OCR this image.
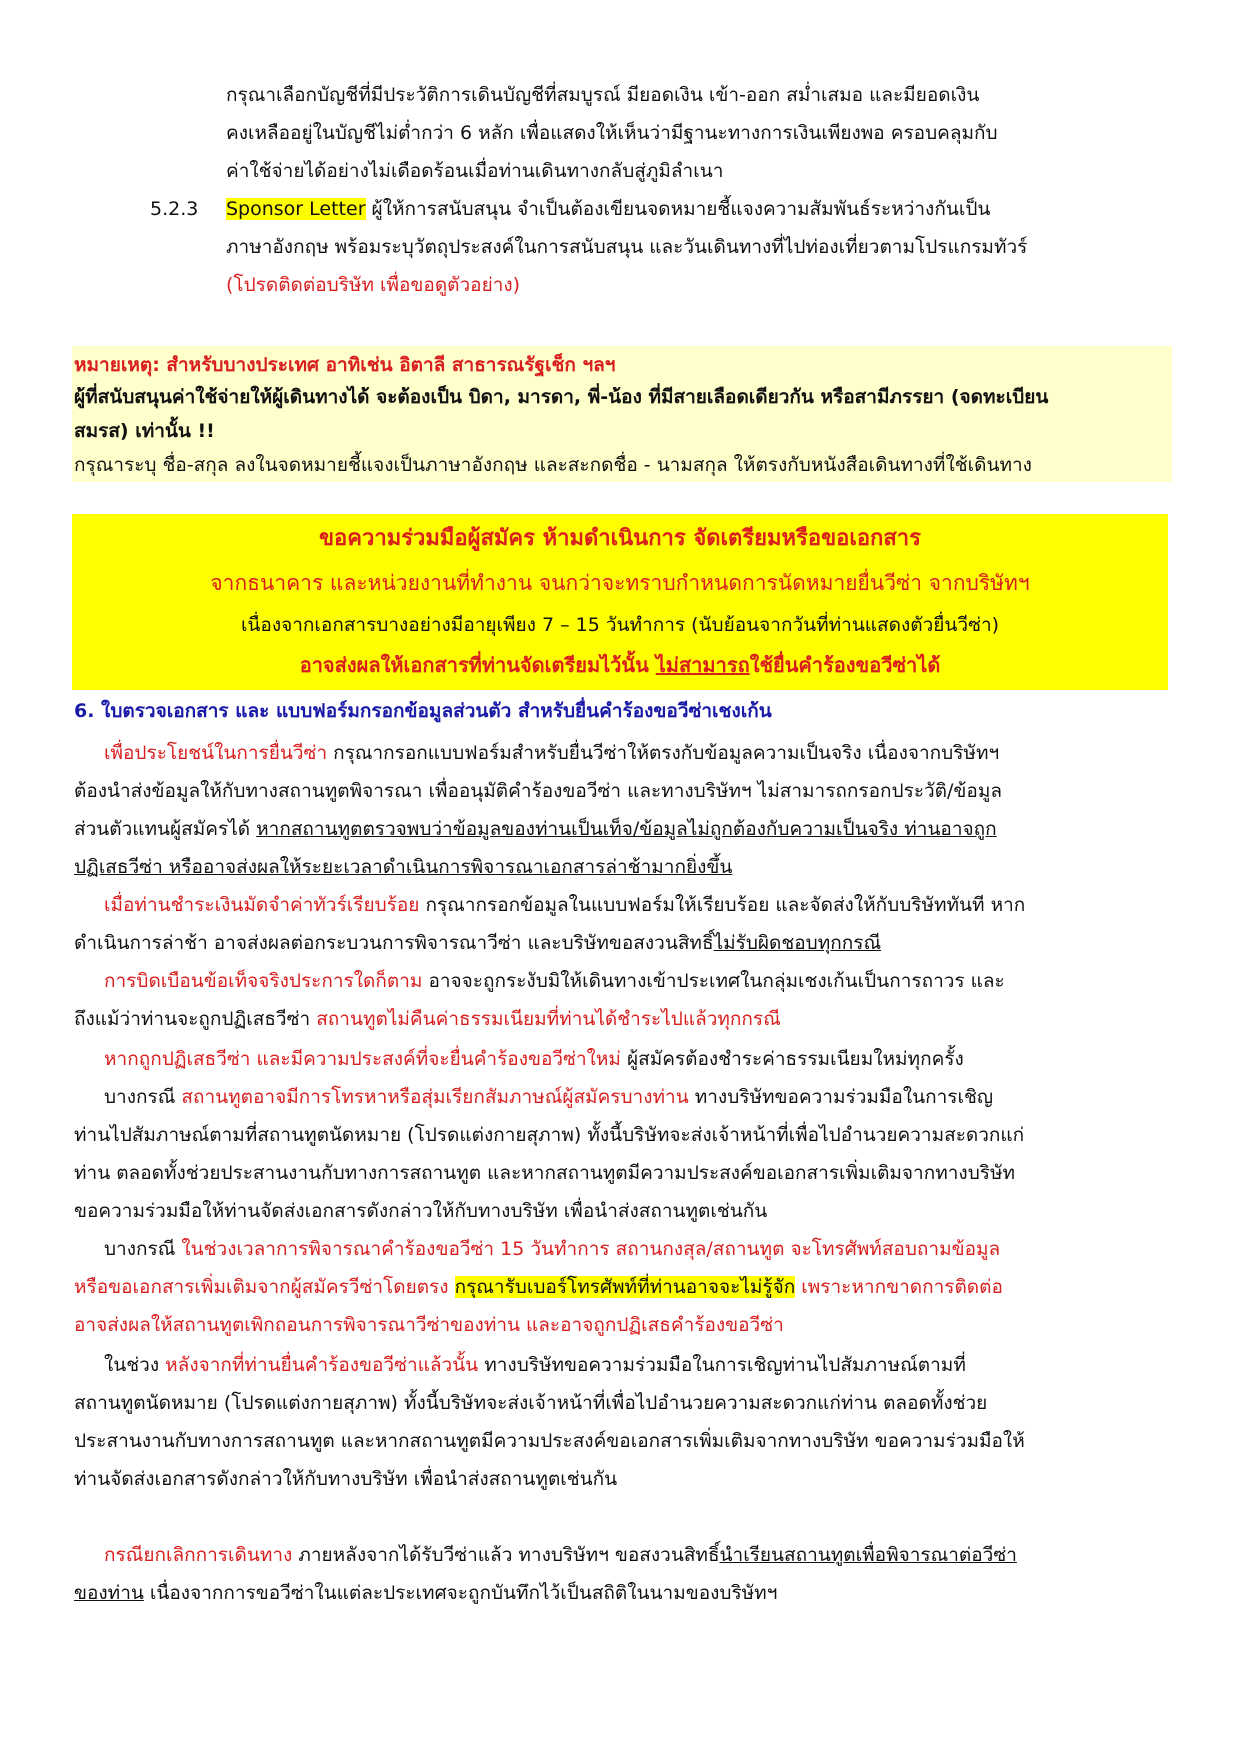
กรุณาเลือกบัญชีที่มีประวัติการเดินบัญชีที่สมบูรณ์ มียอดเงิน เข้า-ออก สม่ำเสมอ และมียอดเงิน
คงเหลืออยู่ในบัญชีไม่ต่ำกว่า 6 หลัก เพื่อแสดงให้เห็นว่ามีฐานะทางการเงินเพียงพอ ครอบคลุมกับ
ค่าใช้จ่ายได้อย่างไม่เดือดร้อนเมื่อท่านเดินทางกลับสู่ภูมิลำเนา
5.2.3 Sponsor Letter ผู้ให้การสนับสนุน จำเป็นต้องเขียนจดหมายชี้แจงความสัมพันธ์ระหว่างกันเป็น
ภาษาอังกฤษ พร้อมระบุวัตถุประสงค์ในการสนับสนุน และวันเดินทางที่ไปท่องเที่ยวตามโปรแกรมทัวร์
(โปรดติดต่อบริษัท เพื่อขอดูตัวอย่าง)
หมายเหตุ: สำหรับบางประเทศ อาทิเช่น อิตาลี สาธารณรัฐเช็ก ฯลฯ
ผู้ที่สนับสนุนค่าใช้จ่ายให้ผู้เดินทางได้ จะต้องเป็น บิดา, มารดา, พี่-น้อง ที่มีสายเลือดเดียวกัน หรือสามีภรรยา (จดทะเบียน
สมรส) เท่านั้น !!
กรุณาระบุ ชื่อ-สกุล ลงในจดหมายชี้แจงเป็นภาษาอังกฤษ และสะกดชื่อ - นามสกุล ให้ตรงกับหนังสือเดินทางที่ใช้เดินทาง
ขอความร่วมมือผู้สมัคร ห้ามดำเนินการ จัดเตรียมหรือขอเอกสาร
จากธนาคาร และหน่วยงานที่ทำงาน จนกว่าจะทราบกำหนดการนัดหมายยื่นวีซ่า จากบริษัทฯ
เนื่องจากเอกสารบางอย่างมีอายุเพียง 7 – 15 วันทำการ (นับย้อนจากวันที่ท่านแสดงตัวยื่นวีซ่า)
อาจส่งผลให้เอกสารที่ท่านจัดเตรียมไว้นั้น ไม่สามารถใช้ยื่นคำร้องขอวีซ่าได้
6. ใบตรวจเอกสาร และ แบบฟอร์มกรอกข้อมูลส่วนตัว สำหรับยื่นคำร้องขอวีซ่าเชงเก้น
เพื่อประโยชน์ในการยื่นวีซ่า กรุณากรอกแบบฟอร์มสำหรับยื่นวีซ่าให้ตรงกับข้อมูลความเป็นจริง เนื่องจากบริษัทฯ
ต้องนำส่งข้อมูลให้กับทางสถานทูตพิจารณา เพื่ออนุมัติคำร้องขอวีซ่า และทางบริษัทฯ ไม่สามารถกรอกประวัติ/ข้อมูล
ส่วนตัวแทนผู้สมัครได้ หากสถานทูตตรวจพบว่าข้อมูลของท่านเป็นเท็จ/ข้อมูลไม่ถูกต้องกับความเป็นจริง ท่านอาจถูก
ปฏิเสธวีซ่า หรืออาจส่งผลให้ระยะเวลาดำเนินการพิจารณาเอกสารล่าช้ามากยิ่งขึ้น
เมื่อท่านชำระเงินมัดจำค่าทัวร์เรียบร้อย กรุณากรอกข้อมูลในแบบฟอร์มให้เรียบร้อย และจัดส่งให้กับบริษัททันที หาก
ดำเนินการล่าช้า อาจส่งผลต่อกระบวนการพิจารณาวีซ่า และบริษัทขอสงวนสิทธิ์ไม่รับผิดชอบทุกกรณี
การบิดเบือนข้อเท็จจริงประการใดก็ตาม อาจจะถูกระงับมิให้เดินทางเข้าประเทศในกลุ่มเชงเก้นเป็นการถาวร และ
ถึงแม้ว่าท่านจะถูกปฏิเสธวีซ่า สถานทูตไม่คืนค่าธรรมเนียมที่ท่านได้ชำระไปแล้วทุกกรณี
หากถูกปฏิเสธวีซ่า และมีความประสงค์ที่จะยื่นคำร้องขอวีซ่าใหม่ ผู้สมัครต้องชำระค่าธรรมเนียมใหม่ทุกครั้ง
บางกรณี สถานทูตอาจมีการโทรหาหรือสุ่มเรียกสัมภาษณ์ผู้สมัครบางท่าน ทางบริษัทขอความร่วมมือในการเชิญ
ท่านไปสัมภาษณ์ตามที่สถานทูตนัดหมาย (โปรดแต่งกายสุภาพ) ทั้งนี้บริษัทจะส่งเจ้าหน้าที่เพื่อไปอำนวยความสะดวกแก่
ท่าน ตลอดทั้งช่วยประสานงานกับทางการสถานทูต และหากสถานทูตมีความประสงค์ขอเอกสารเพิ่มเติมจากทางบริษัท
ขอความร่วมมือให้ท่านจัดส่งเอกสารดังกล่าวให้กับทางบริษัท เพื่อนำส่งสถานทูตเช่นกัน
บางกรณี ในช่วงเวลาการพิจารณาคำร้องขอวีซ่า 15 วันทำการ สถานกงสุล/สถานทูต จะโทรศัพท์สอบถามข้อมูล
หรือขอเอกสารเพิ่มเติมจากผู้สมัครวีซ่าโดยตรง กรุณารับเบอร์โทรศัพท์ที่ท่านอาจจะไม่รู้จัก เพราะหากขาดการติดต่อ
อาจส่งผลให้สถานทูตเพิกถอนการพิจารณาวีซ่าของท่าน และอาจถูกปฏิเสธคำร้องขอวีซ่า
ในช่วง หลังจากที่ท่านยื่นคำร้องขอวีซ่าแล้วนั้น ทางบริษัทขอความร่วมมือในการเชิญท่านไปสัมภาษณ์ตามที่
สถานทูตนัดหมาย (โปรดแต่งกายสุภาพ) ทั้งนี้บริษัทจะส่งเจ้าหน้าที่เพื่อไปอำนวยความสะดวกแก่ท่าน ตลอดทั้งช่วย
ประสานงานกับทางการสถานทูต และหากสถานทูตมีความประสงค์ขอเอกสารเพิ่มเติมจากทางบริษัท ขอความร่วมมือให้
ท่านจัดส่งเอกสารดังกล่าวให้กับทางบริษัท เพื่อนำส่งสถานทูตเช่นกัน
กรณียกเลิกการเดินทาง ภายหลังจากได้รับวีซ่าแล้ว ทางบริษัทฯ ขอสงวนสิทธิ์นำเรียนสถานทูตเพื่อพิจารณาต่อวีซ่า
ของท่าน เนื่องจากการขอวีซ่าในแต่ละประเทศจะถูกบันทึกไว้เป็นสถิติในนามของบริษัทฯ
